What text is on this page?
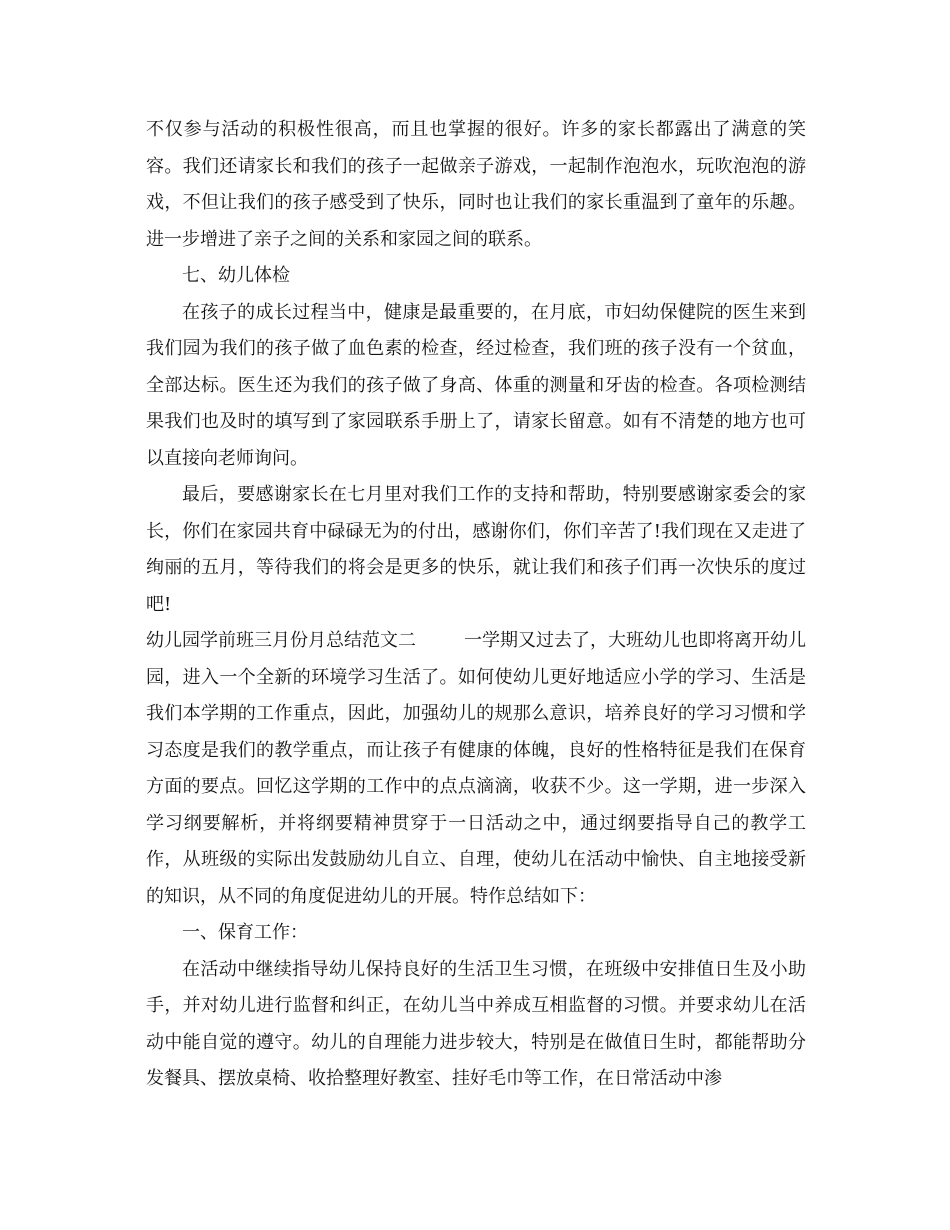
不仅参与活动的积极性很高，而且也掌握的很好。许多的家长都露出了满意的笑容。我们还请家长和我们的孩子一起做亲子游戏，一起制作泡泡水，玩吹泡泡的游戏，不但让我们的孩子感受到了快乐，同时也让我们的家长重温到了童年的乐趣。进一步增进了亲子之间的关系和家园之间的联系。

七、幼儿体检

在孩子的成长过程当中，健康是最重要的，在月底，市妇幼保健院的医生来到我们园为我们的孩子做了血色素的检查，经过检查，我们班的孩子没有一个贫血，全部达标。医生还为我们的孩子做了身高、体重的测量和牙齿的检查。各项检测结果我们也及时的填写到了家园联系手册上了，请家长留意。如有不清楚的地方也可以直接向老师询问。

最后，要感谢家长在七月里对我们工作的支持和帮助，特别要感谢家委会的家长，你们在家园共育中碌碌无为的付出，感谢你们，你们辛苦了!我们现在又走进了绚丽的五月，等待我们的将会是更多的快乐，就让我们和孩子们再一次快乐的度过吧!

幼儿园学前班三月份月总结范文二	一学期又过去了，大班幼儿也即将离开幼儿园，进入一个全新的环境学习生活了。如何使幼儿更好地适应小学的学习、生活是我们本学期的工作重点，因此，加强幼儿的规那么意识，培养良好的学习习惯和学习态度是我们的教学重点，而让孩子有健康的体魄，良好的性格特征是我们在保育方面的要点。回忆这学期的工作中的点点滴滴，收获不少。这一学期，进一步深入学习纲要解析，并将纲要精神贯穿于一日活动之中，通过纲要指导自己的教学工作，从班级的实际出发鼓励幼儿自立、自理，使幼儿在活动中愉快、自主地接受新的知识，从不同的角度促进幼儿的开展。特作总结如下：

一、保育工作：

在活动中继续指导幼儿保持良好的生活卫生习惯，在班级中安排值日生及小助手，并对幼儿进行监督和纠正，在幼儿当中养成互相监督的习惯。并要求幼儿在活动中能自觉的遵守。幼儿的自理能力进步较大，特别是在做值日生时，都能帮助分发餐具、摆放桌椅、收拾整理好教室、挂好毛巾等工作，在日常活动中渗
